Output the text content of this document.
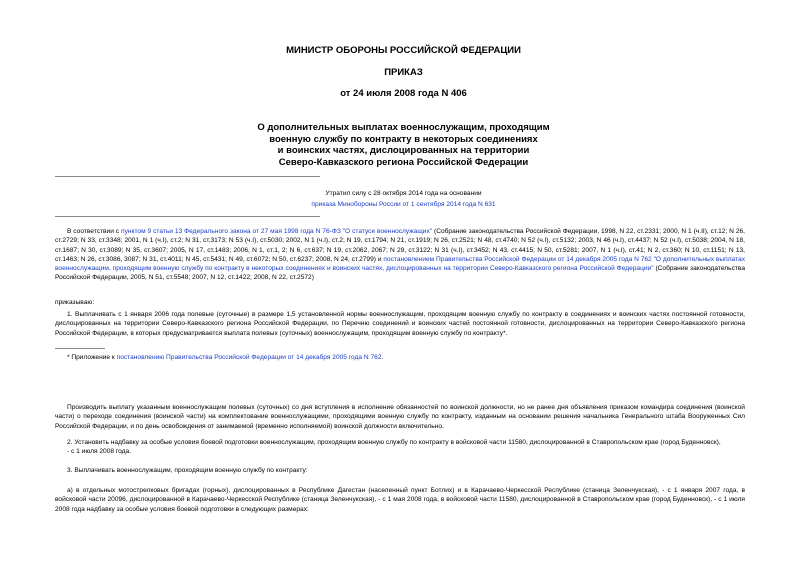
МИНИСТР ОБОРОНЫ РОССИЙСКОЙ ФЕДЕРАЦИИ
ПРИКАЗ
от 24 июля 2008 года N 406
О дополнительных выплатах военнослужащим, проходящим
военную службу по контракту в некоторых соединениях
и воинских частях, дислоцированных на территории
Северо-Кавказского региона Российской Федерации
Утратил силу с 28 октября 2014 года на основании
приказа Минобороны России от 1 сентября 2014 года N 631
В соответствии с пунктом 9 статьи 13 Федерального закона от 27 мая 1998 года N 76-ФЗ "О статусе военнослужащих" (Собрание законодательства Российской Федерации, 1998, N 22, ст.2331; 2000, N 1 (ч.II), ст.12; N 26, ст.2729; N 33, ст.3348; 2001, N 1 (ч.I), ст.2; N 31, ст.3173; N 53 (ч.I), ст.5030; 2002, N 1 (ч.I), ст.2; N 19, ст.1794; N 21, ст.1919; N 26, ст.2521; N 48, ст.4740; N 52 (ч.I), ст.5132; 2003, N 46 (ч.I), ст.4437; N 52 (ч.I), ст.5038; 2004, N 18, ст.1687; N 30, ст.3089; N 35, ст.3607; 2005, N 17, ст.1483; 2006, N 1, ст.1, 2; N 6, ст.637; N 19, ст.2062, 2067; N 29, ст.3122; N 31 (ч.I), ст.3452; N 43, ст.4415; N 50, ст.5281; 2007, N 1 (ч.I), ст.41; N 2, ст.360; N 10, ст.1151; N 13, ст.1463; N 26, ст.3086, 3087; N 31, ст.4011; N 45, ст.5431; N 49, ст.6072; N 50, ст.6237; 2008, N 24, ст.2799) и постановлением Правительства Российской Федерации от 14 декабря 2005 года N 762 "О дополнительных выплатах военнослужащим, проходящим военную службу по контракту в некоторых соединениях и воинских частях, дислоцированных на территории Северо-Кавказского региона Российской Федерации" (Собрание законодательства Российской Федерации, 2005, N 51, ст.5548; 2007, N 12, ст.1422; 2008, N 22, ст.2572)
приказываю:
1. Выплачивать с 1 января 2006 года полевые (суточные) в размере 1,5 установленной нормы военнослужащим, проходящим военную службу по контракту в соединениях и воинских частях постоянной готовности, дислоцированных на территории Северо-Кавказского региона Российской Федерации, по Перечню соединений и воинских частей постоянной готовности, дислоцированных на территории Северо-Кавказского региона Российской Федерации, в которых предусматривается выплата полевых (суточных) военнослужащим, проходящим военную службу по контракту*.
* Приложение к постановлению Правительства Российской Федерации от 14 декабря 2005 года N 762.
Производить выплату указанным военнослужащим полевых (суточных) со дня вступления в исполнение обязанностей по воинской должности, но не ранее дня объявления приказом командира соединения (воинской части) о переходе соединения (воинской части) на комплектование военнослужащими, проходящими военную службу по контракту, изданным на основании решения начальника Генерального штаба Вооруженных Сил Российской Федерации, и по день освобождения от занимаемой (временно исполняемой) воинской должности включительно.
2. Установить надбавку за особые условия боевой подготовки военнослужащим, проходящим военную службу по контракту в войсковой части 11580, дислоцированной в Ставропольском крае (город Буденновск),
- с 1 июля 2008 года.
3. Выплачивать военнослужащим, проходящим военную службу по контракту:
а) в отдельных мотострелковых бригадах (горных), дислоцированных в Республике Дагестан (населенный пункт Ботлих) и в Карачаево-Черкесской Республике (станица Зеленчукская), - с 1 января 2007 года, в войсковой части 20096, дислоцированной в Карачаево-Черкесской Республике (станица Зеленчукская), - с 1 мая 2008 года, в войсковой части 11580, дислоцированной в Ставропольском крае (город Буденновск), - с 1 июля 2008 года надбавку за особые условия боевой подготовки в следующих размерах:
